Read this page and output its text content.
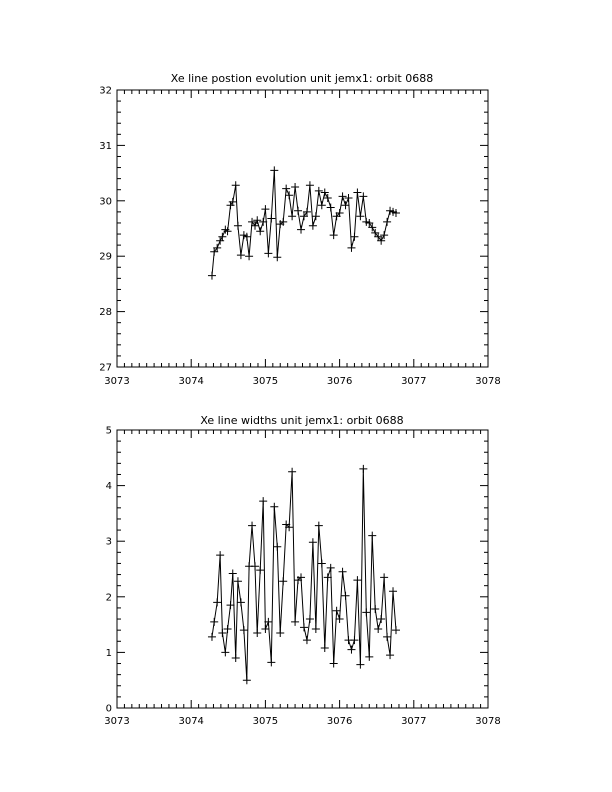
Xe line postion evolution unit jemx1: orbit 0688
3073	3074	3075	3076	3077	3078
27
28
29
30
31
32
Xe line widths unit jemx1: orbit 0688
3073	3074	3075	3076	3077	3078
0
1
2
3
4
5
